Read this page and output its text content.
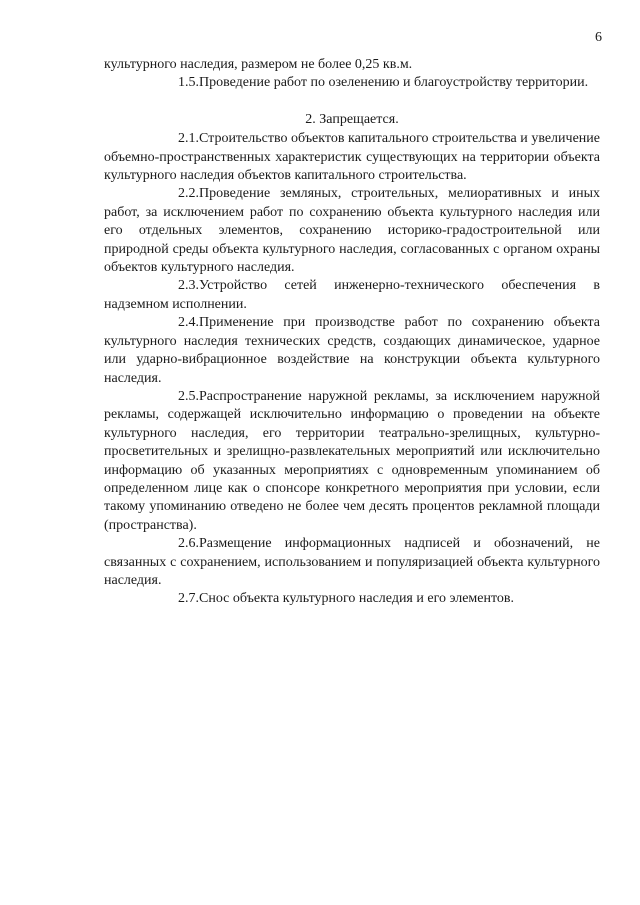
6

культурного наследия, размером не более 0,25 кв.м.

1.5.Проведение работ по озеленению и благоустройству территории.

2. Запрещается.

2.1.Строительство объектов капитального строительства и увеличение объемно-пространственных характеристик существующих на территории объекта культурного наследия объектов капитального строительства.

2.2.Проведение земляных, строительных, мелиоративных и иных работ, за исключением работ по сохранению объекта культурного наследия или его отдельных элементов, сохранению историко-градостроительной или природной среды объекта культурного наследия, согласованных с органом охраны объектов культурного наследия.

2.3.Устройство сетей инженерно-технического обеспечения в надземном исполнении.

2.4.Применение при производстве работ по сохранению объекта культурного наследия технических средств, создающих динамическое, ударное или ударно-вибрационное воздействие на конструкции объекта культурного наследия.

2.5.Распространение наружной рекламы, за исключением наружной рекламы, содержащей исключительно информацию о проведении на объекте культурного наследия, его территории театрально-зрелищных, культурно-просветительных и зрелищно-развлекательных мероприятий или исключительно информацию об указанных мероприятиях с одновременным упоминанием об определенном лице как о спонсоре конкретного мероприятия при условии, если такому упоминанию отведено не более чем десять процентов рекламной площади (пространства).

2.6.Размещение информационных надписей и обозначений, не связанных с сохранением, использованием и популяризацией объекта культурного наследия.

2.7.Снос объекта культурного наследия и его элементов.
